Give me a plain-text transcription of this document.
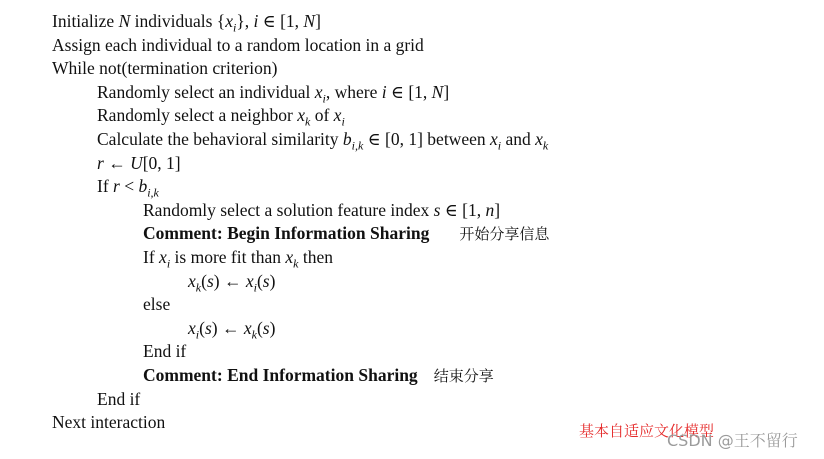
Initialize N individuals $\{x_i\}$, i ∈ [1, N]
Assign each individual to a random location in a grid
While not(termination criterion)
Randomly select an individual $x_i$, where i ∈ [1, N]
Randomly select a neighbor $x_k$ of $x_i$
Calculate the behavioral similarity $b_{i,k}$ ∈ [0, 1] between $x_i$ and $x_k$
r ← U[0, 1]
If $r < b_{i,k}$
Randomly select a solution feature index s ∈ [1, n]
Comment: Begin Information Sharing 开始分享信息
If $x_i$ is more fit than $x_k$ then
$x_k(s)$ ← $x_i(s)$
else
$x_i(s)$ ← $x_k(s)$
End if
Comment: End Information Sharing 结束分享
End if
Next interaction	基本自适应文化模型
CSDN @王不留行
